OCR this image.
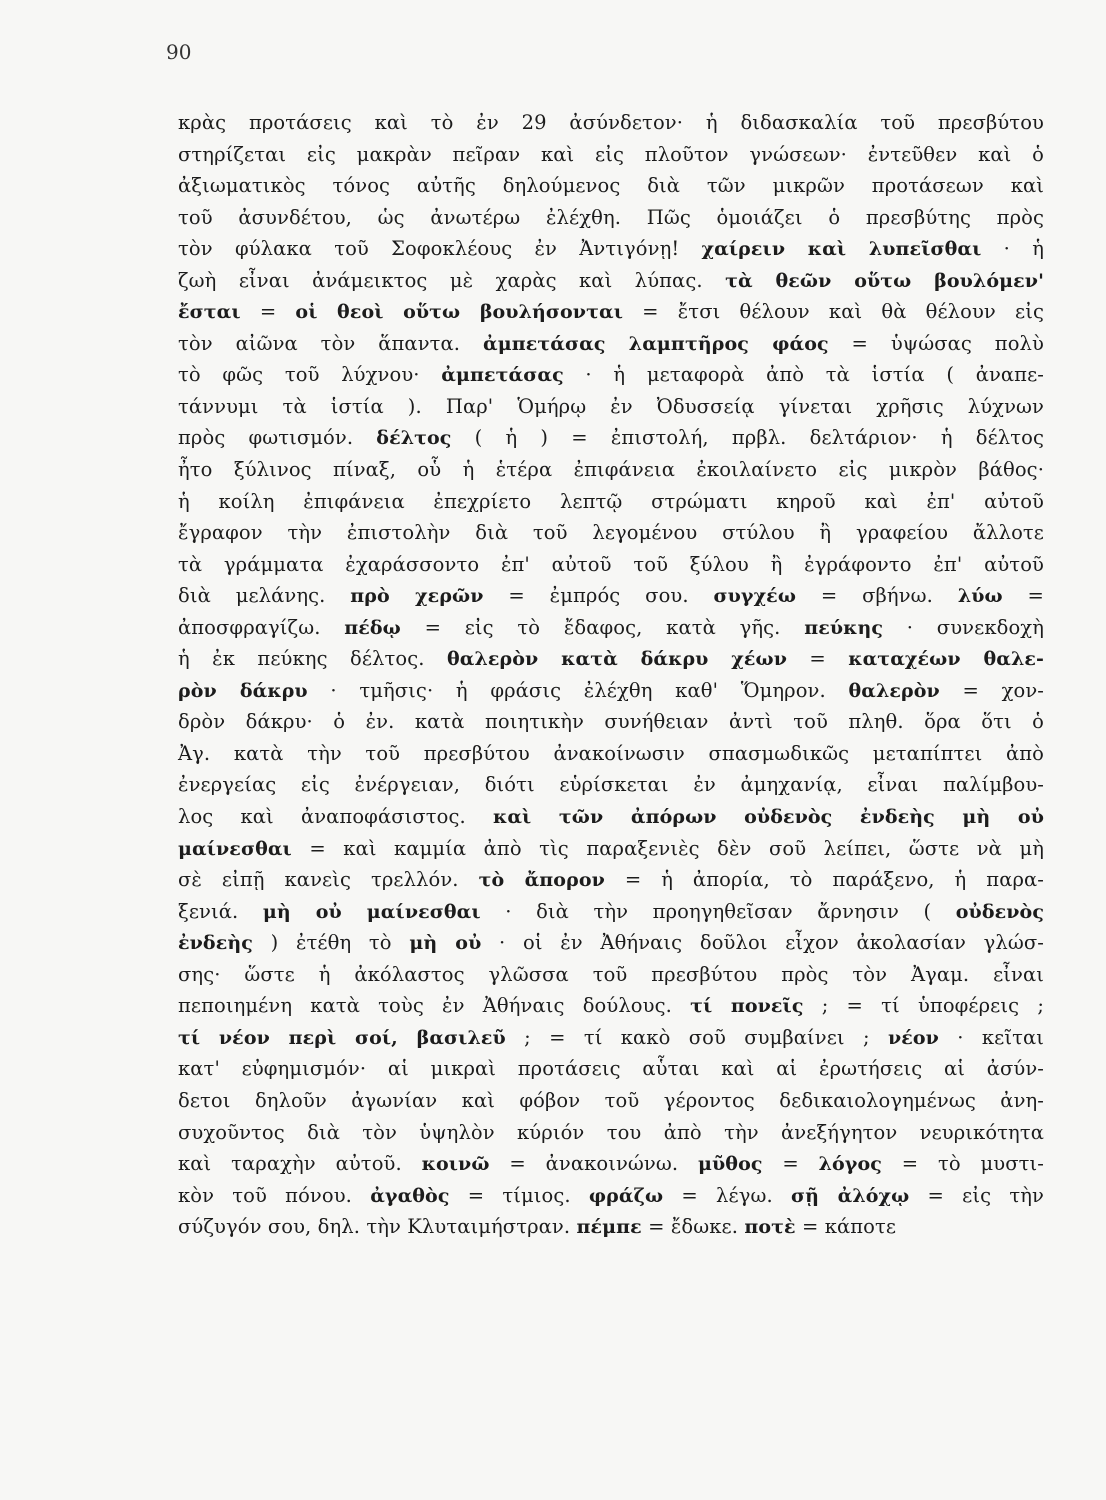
90
κρὰς προτάσεις καὶ τὸ ἐν 29 ἀσύνδετον· ἡ διδασκαλία τοῦ πρεσβύτου
στηρίζεται εἰς μακρὰν πεῖραν καὶ εἰς πλοῦτον γνώσεων· ἐντεῦθεν καὶ ὁ
ἀξιωματικὸς τόνος αὐτῆς δηλούμενος διὰ τῶν μικρῶν προτάσεων καὶ
τοῦ ἀσυνδέτου, ὡς ἀνωτέρω ἐλέχθη. Πῶς ὁμοιάζει ὁ πρεσβύτης πρὸς
τὸν φύλακα τοῦ Σοφοκλέους ἐν Ἀντιγόνῃ! χαίρειν καὶ λυπεῖσθαι · ἡ
ζωὴ εἶναι ἀνάμεικτος μὲ χαρὰς καὶ λύπας. τὰ θεῶν οὕτω βουλόμεν'
ἔσται = οἱ θεοὶ οὕτω βουλήσονται = ἔτσι θέλουν καὶ θὰ θέλουν εἰς
τὸν αἰῶνα τὸν ἅπαντα. ἀμπετάσας λαμπτῆρος φάος = ὑψώσας πολὺ
τὸ φῶς τοῦ λύχνου· ἀμπετάσας · ἡ μεταφορὰ ἀπὸ τὰ ἱστία ( ἀναπε-
τάννυμι τὰ ἱστία ). Παρ' Ὁμήρῳ ἐν Ὀδυσσείᾳ γίνεται χρῆσις λύχνων
πρὸς φωτισμόν. δέλτος ( ἡ ) = ἐπιστολή, πρβλ. δελτάριον· ἡ δέλτος
ἦτο ξύλινος πίναξ, οὗ ἡ ἑτέρα ἐπιφάνεια ἐκοιλαίνετο εἰς μικρὸν βάθος·
ἡ κοίλη ἐπιφάνεια ἐπεχρίετο λεπτῷ στρώματι κηροῦ καὶ ἐπ' αὐτοῦ
ἔγραφον τὴν ἐπιστολὴν διὰ τοῦ λεγομένου στύλου ἢ γραφείου ἄλλοτε
τὰ γράμματα ἐχαράσσοντο ἐπ' αὐτοῦ τοῦ ξύλου ἢ ἐγράφοντο ἐπ' αὐτοῦ
διὰ μελάνης. πρὸ χερῶν = ἐμπρός σου. συγχέω = σβήνω. λύω =
ἀποσφραγίζω. πέδῳ = εἰς τὸ ἔδαφος, κατὰ γῆς. πεύκης · συνεκδοχὴ
ἡ ἐκ πεύκης δέλτος. θαλερὸν κατὰ δάκρυ χέων = καταχέων θαλε-
ρὸν δάκρυ · τμῆσις· ἡ φράσις ἐλέχθη καθ' Ὅμηρον. θαλερὸν = χον-
δρὸν δάκρυ· ὁ ἐν. κατὰ ποιητικὴν συνήθειαν ἀντὶ τοῦ πληθ. ὅρα ὅτι ὁ
Ἀγ. κατὰ τὴν τοῦ πρεσβύτου ἀνακοίνωσιν σπασμωδικῶς μεταπίπτει ἀπὸ
ἐνεργείας εἰς ἐνέργειαν, διότι εὑρίσκεται ἐν ἀμηχανίᾳ, εἶναι παλίμβου-
λος καὶ ἀναποφάσιστος. καὶ τῶν ἀπόρων οὐδενὸς ἐνδεὴς μὴ οὐ
μαίνεσθαι = καὶ καμμία ἀπὸ τὶς παραξενιὲς δὲν σοῦ λείπει, ὥστε νὰ μὴ
σὲ εἰπῇ κανεὶς τρελλόν. τὸ ἄπορον = ἡ ἀπορία, τὸ παράξενο, ἡ παρα-
ξενιά. μὴ οὐ μαίνεσθαι · διὰ τὴν προηγηθεῖσαν ἄρνησιν ( οὐδενὸς
ἐνδεὴς ) ἐτέθη τὸ μὴ οὐ · οἱ ἐν Ἀθήναις δοῦλοι εἶχον ἀκολασίαν γλώσ-
σης· ὥστε ἡ ἀκόλαστος γλῶσσα τοῦ πρεσβύτου πρὸς τὸν Ἀγαμ. εἶναι
πεποιημένη κατὰ τοὺς ἐν Ἀθήναις δούλους. τί πονεῖς ; = τί ὑποφέρεις ;
τί νέον περὶ σοί, βασιλεῦ ; = τί κακὸ σοῦ συμβαίνει ; νέον · κεῖται
κατ' εὐφημισμόν· αἱ μικραὶ προτάσεις αὗται καὶ αἱ ἐρωτήσεις αἱ ἀσύν-
δετοι δηλοῦν ἀγωνίαν καὶ φόβον τοῦ γέροντος δεδικαιολογημένως ἀνη-
συχοῦντος διὰ τὸν ὑψηλὸν κύριόν του ἀπὸ τὴν ἀνεξήγητον νευρικότητα
καὶ ταραχὴν αὐτοῦ. κοινῶ = ἀνακοινώνω. μῦθος = λόγος = τὸ μυστι-
κὸν τοῦ πόνου. ἀγαθὸς = τίμιος. φράζω = λέγω. σῇ ἀλόχῳ = εἰς τὴν
σύζυγόν σου, δηλ. τὴν Κλυταιμήστραν. πέμπε = ἔδωκε. ποτὲ = κάποτε
